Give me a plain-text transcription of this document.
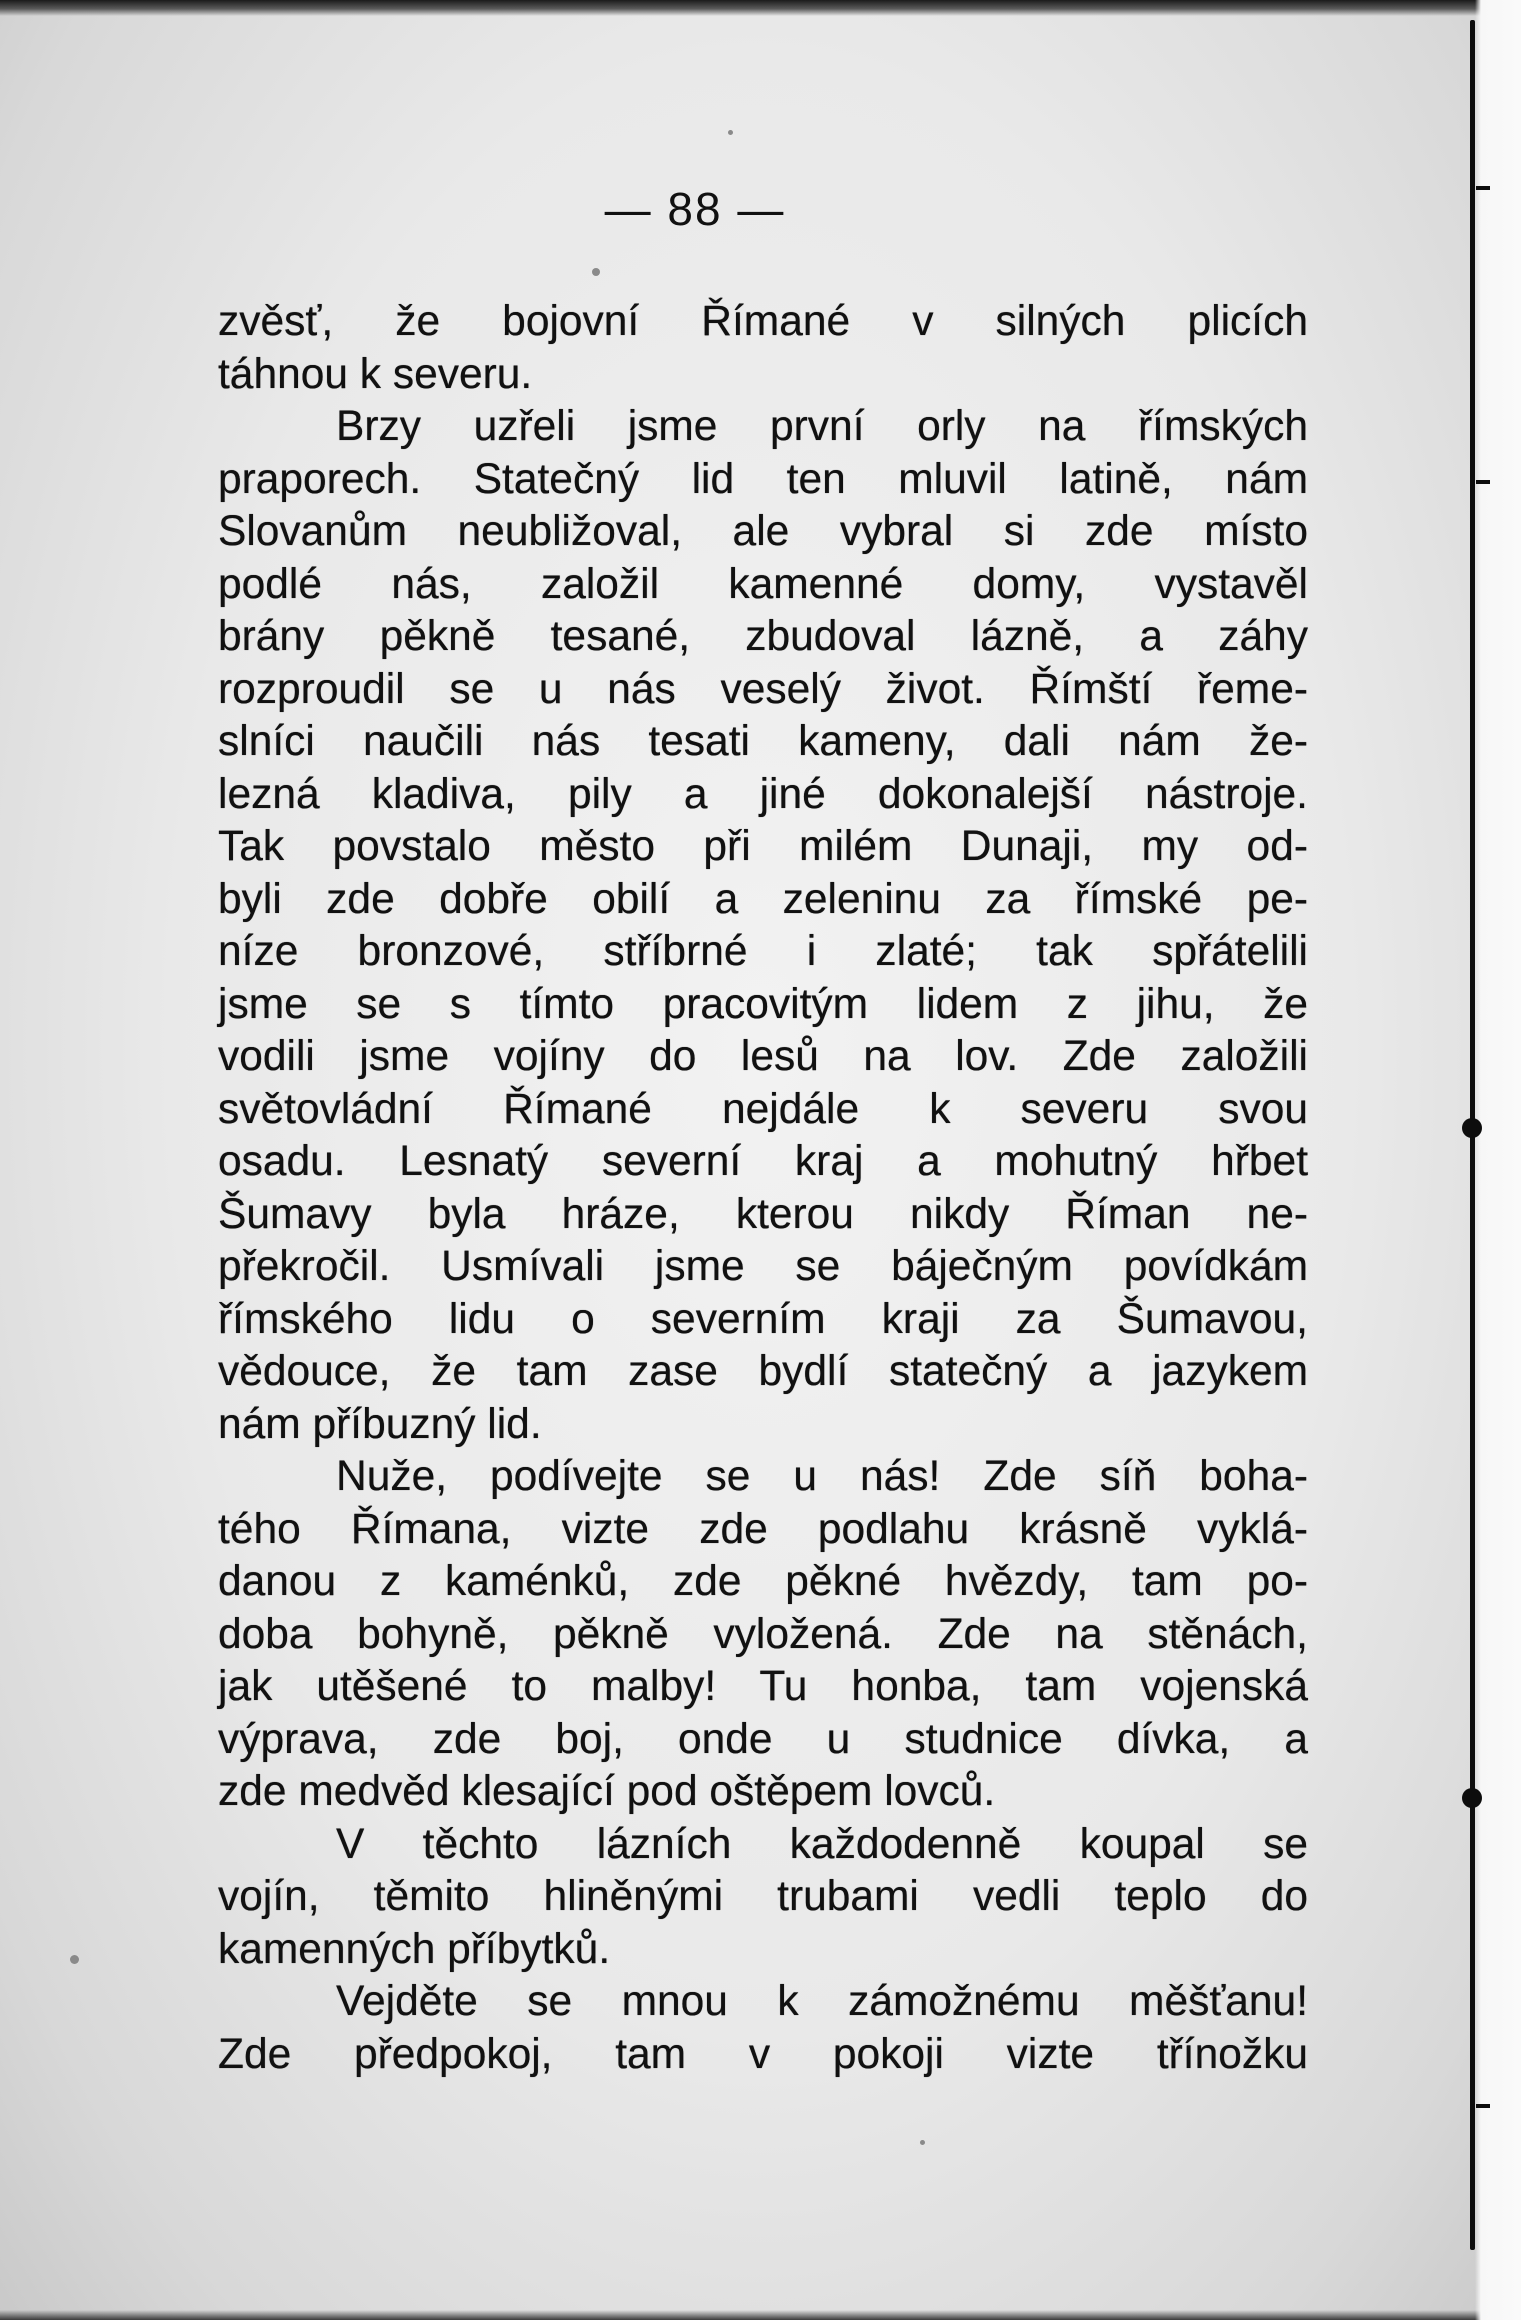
— 88 —
zvěsť, že bojovní Římané v silných plicích
táhnou k severu.
Brzy uzřeli jsme první orly na římských
praporech. Statečný lid ten mluvil latině, nám
Slovanům neubližoval, ale vybral si zde místo
podlé nás, založil kamenné domy, vystavěl
brány pěkně tesané, zbudoval lázně, a záhy
rozproudil se u nás veselý život. Římští řeme-
slníci naučili nás tesati kameny, dali nám že-
lezná kladiva, pily a jiné dokonalejší nástroje.
Tak povstalo město při milém Dunaji, my od-
byli zde dobře obilí a zeleninu za římské pe-
níze bronzové, stříbrné i zlaté; tak spřátelili
jsme se s tímto pracovitým lidem z jihu, že
vodili jsme vojíny do lesů na lov. Zde založili
světovládní Římané nejdále k severu svou
osadu. Lesnatý severní kraj a mohutný hřbet
Šumavy byla hráze, kterou nikdy Říman ne-
překročil. Usmívali jsme se báječným povídkám
římského lidu o severním kraji za Šumavou,
vědouce, že tam zase bydlí statečný a jazykem
nám příbuzný lid.
Nuže, podívejte se u nás! Zde síň boha-
tého Římana, vizte zde podlahu krásně vyklá-
danou z kaménků, zde pěkné hvězdy, tam po-
doba bohyně, pěkně vyložená. Zde na stěnách,
jak utěšené to malby! Tu honba, tam vojenská
výprava, zde boj, onde u studnice dívka, a
zde medvěd klesající pod oštěpem lovců.
V těchto lázních každodenně koupal se
vojín, těmito hliněnými trubami vedli teplo do
kamenných příbytků.
Vejděte se mnou k zámožnému měšťanu!
Zde předpokoj, tam v pokoji vizte třínožku
